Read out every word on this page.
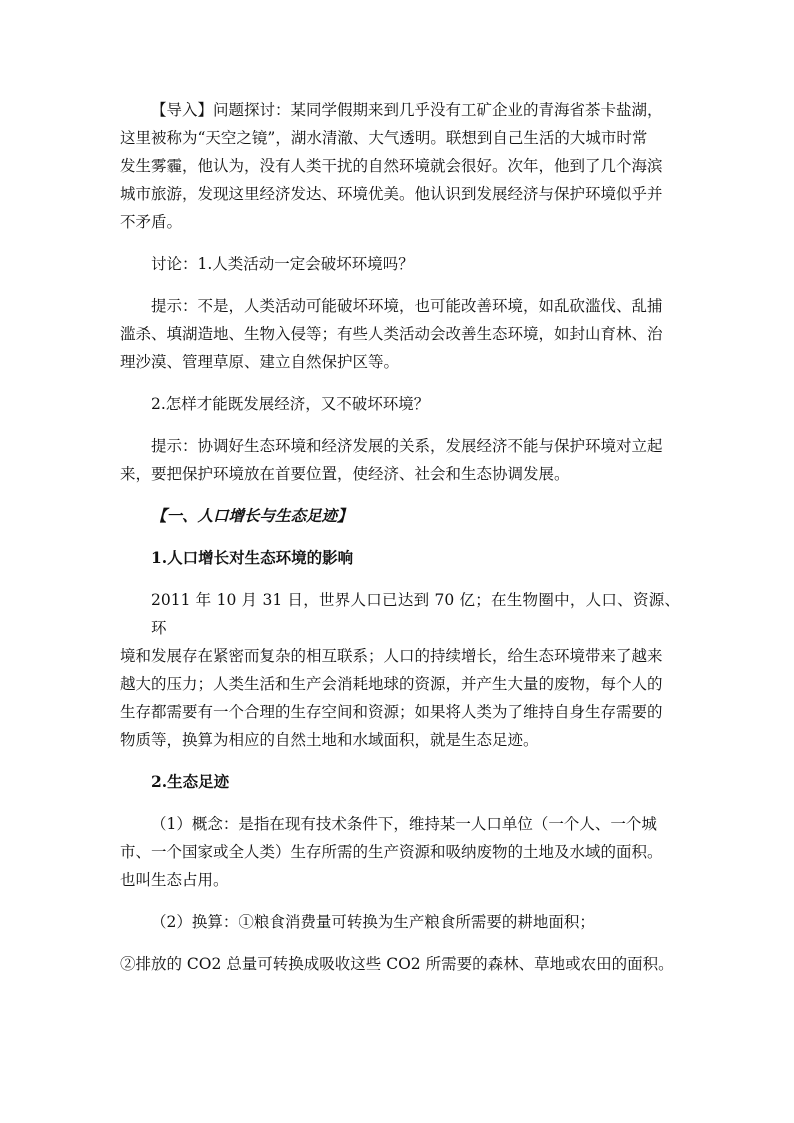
【导入】问题探讨：某同学假期来到几乎没有工矿企业的青海省茶卡盐湖，
这里被称为“天空之镜”，湖水清澈、大气透明。联想到自己生活的大城市时常
发生雾霾，他认为，没有人类干扰的自然环境就会很好。次年，他到了几个海滨
城市旅游，发现这里经济发达、环境优美。他认识到发展经济与保护环境似乎并
不矛盾。
讨论：1.人类活动一定会破坏环境吗？
提示：不是，人类活动可能破坏环境，也可能改善环境，如乱砍滥伐、乱捕
滥杀、填湖造地、生物入侵等；有些人类活动会改善生态环境，如封山育林、治
理沙漠、管理草原、建立自然保护区等。
2.怎样才能既发展经济，又不破坏环境？
提示：协调好生态环境和经济发展的关系，发展经济不能与保护环境对立起
来，要把保护环境放在首要位置，使经济、社会和生态协调发展。
【一、人口增长与生态足迹】
1.人口增长对生态环境的影响
2011 年 10 月 31 日，世界人口已达到 70 亿；在生物圈中，人口、资源、环
境和发展存在紧密而复杂的相互联系；人口的持续增长，给生态环境带来了越来
越大的压力；人类生活和生产会消耗地球的资源，并产生大量的废物，每个人的
生存都需要有一个合理的生存空间和资源；如果将人类为了维持自身生存需要的
物质等，换算为相应的自然土地和水域面积，就是生态足迹。
2.生态足迹
（1）概念：是指在现有技术条件下，维持某一人口单位（一个人、一个城
市、一个国家或全人类）生存所需的生产资源和吸纳废物的土地及水域的面积。
也叫生态占用。
（2）换算：①粮食消费量可转换为生产粮食所需要的耕地面积；
②排放的 CO2 总量可转换成吸收这些 CO2 所需要的森林、草地或农田的面积。
